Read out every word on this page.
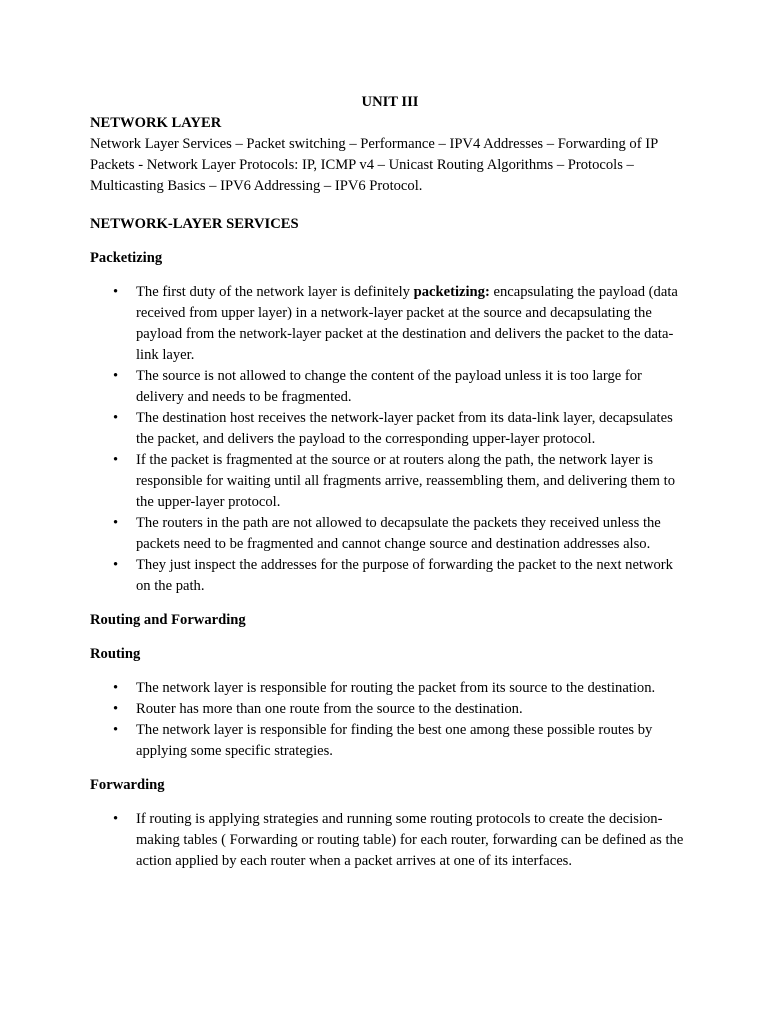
UNIT III

NETWORK LAYER

Network Layer Services – Packet switching – Performance – IPV4 Addresses – Forwarding of IP Packets - Network Layer Protocols: IP, ICMP v4 – Unicast Routing Algorithms – Protocols – Multicasting Basics – IPV6 Addressing – IPV6 Protocol.

NETWORK-LAYER SERVICES

Packetizing

•	The first duty of the network layer is definitely packetizing: encapsulating the payload (data received from upper layer) in a network-layer packet at the source and decapsulating the payload from the network-layer packet at the destination and delivers the packet to the data-link layer.
•	The source is not allowed to change the content of the payload unless it is too large for delivery and needs to be fragmented.
•	The destination host receives the network-layer packet from its data-link layer, decapsulates the packet, and delivers the payload to the corresponding upper-layer protocol.
•	If the packet is fragmented at the source or at routers along the path, the network layer is responsible for waiting until all fragments arrive, reassembling them, and delivering them to the upper-layer protocol.
•	The routers in the path are not allowed to decapsulate the packets they received unless the packets need to be fragmented and cannot change source and destination addresses also.
•	They just inspect the addresses for the purpose of forwarding the packet to the next network on the path.

Routing and Forwarding

Routing

•	The network layer is responsible for routing the packet from its source to the destination.
•	Router has more than one route from the source to the destination.
•	The network layer is responsible for finding the best one among these possible routes by applying some specific strategies.

Forwarding

•	If routing is applying strategies and running some routing protocols to create the decision-making tables ( Forwarding or routing table) for each router, forwarding can be defined as the action applied by each router when a packet arrives at one of its interfaces.
